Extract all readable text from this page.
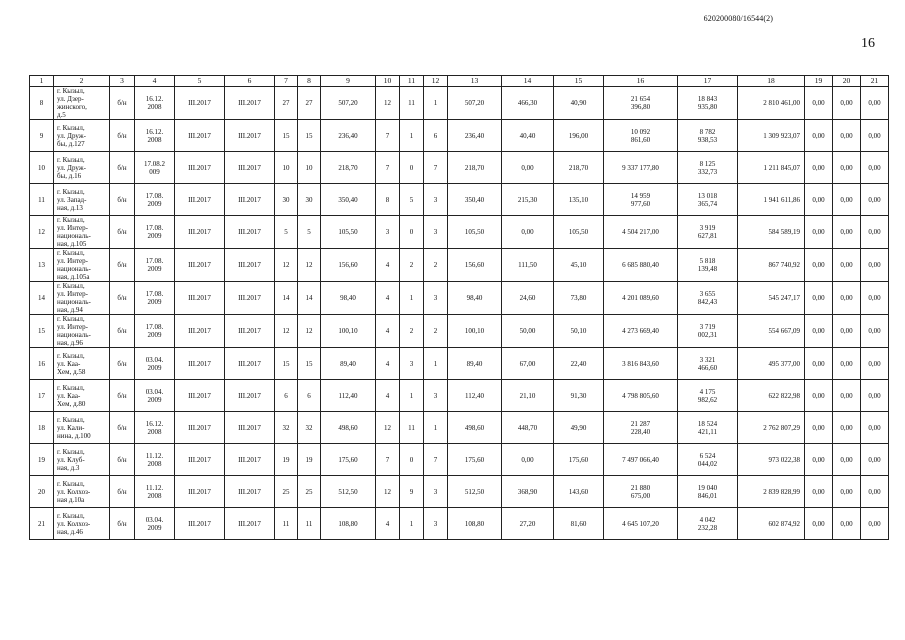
620200080/16544(2)
16
1	2	3	4	5	6	7	8	9	10	11	12	13	14	15	16	17	18	19	20	21
8	г. Кызыл,
ул. Дзер-
жинского,
д.5	б/н	16.12.
2008	III.2017	III.2017	27	27	507,20	12	11	1	507,20	466,30	40,90	21 654
396,80	18 843
935,80	2 810 461,00	0,00	0,00	0,00
9	г. Кызыл,
ул. Друж-
бы, д.127	б/н	16.12.
2008	III.2017	III.2017	15	15	236,40	7	1	6	236,40	40,40	196,00	10 092
861,60	8 782
938,53	1 309 923,07	0,00	0,00	0,00
10	г. Кызыл,
ул. Друж-
бы, д.16	б/н	17.08.2
009	III.2017	III.2017	10	10	218,70	7	0	7	218,70	0,00	218,70	9 337 177,80	8 125
332,73	1 211 845,07	0,00	0,00	0,00
11	г. Кызыл,
ул. Запад-
ная, д.13	б/н	17.08.
2009	III.2017	III.2017	30	30	350,40	8	5	3	350,40	215,30	135,10	14 959
977,60	13 018
365,74	1 941 611,86	0,00	0,00	0,00
12	г. Кызыл,
ул. Интер-
националь-
ная, д.105	б/н	17.08.
2009	III.2017	III.2017	5	5	105,50	3	0	3	105,50	0,00	105,50	4 504 217,00	3 919
627,81	584 589,19	0,00	0,00	0,00
13	г. Кызыл,
ул. Интер-
националь-
ная, д.105а	б/н	17.08.
2009	III.2017	III.2017	12	12	156,60	4	2	2	156,60	111,50	45,10	6 685 880,40	5 818
139,48	867 740,92	0,00	0,00	0,00
14	г. Кызыл,
ул. Интер-
националь-
ная, д.94	б/н	17.08.
2009	III.2017	III.2017	14	14	98,40	4	1	3	98,40	24,60	73,80	4 201 089,60	3 655
842,43	545 247,17	0,00	0,00	0,00
15	г. Кызыл,
ул. Интер-
националь-
ная, д.96	б/н	17.08.
2009	III.2017	III.2017	12	12	100,10	4	2	2	100,10	50,00	50,10	4 273 669,40	3 719
002,31	554 667,09	0,00	0,00	0,00
16	г. Кызыл,
ул. Каа-
Хем, д.58	б/н	03.04.
2009	III.2017	III.2017	15	15	89,40	4	3	1	89,40	67,00	22,40	3 816 843,60	3 321
466,60	495 377,00	0,00	0,00	0,00
17	г. Кызыл,
ул. Каа-
Хем, д.80	б/н	03.04.
2009	III.2017	III.2017	6	6	112,40	4	1	3	112,40	21,10	91,30	4 798 805,60	4 175
982,62	622 822,98	0,00	0,00	0,00
18	г. Кызыл,
ул. Кали-
нина, д.100	б/н	16.12.
2008	III.2017	III.2017	32	32	498,60	12	11	1	498,60	448,70	49,90	21 287
228,40	18 524
421,11	2 762 807,29	0,00	0,00	0,00
19	г. Кызыл,
ул. Клуб-
ная, д.3	б/н	11.12.
2008	III.2017	III.2017	19	19	175,60	7	0	7	175,60	0,00	175,60	7 497 066,40	6 524
044,02	973 022,38	0,00	0,00	0,00
20	г. Кызыл,
ул. Колхоз-
ная д.10а	б/н	11.12.
2008	III.2017	III.2017	25	25	512,50	12	9	3	512,50	368,90	143,60	21 880
675,00	19 040
846,01	2 839 828,99	0,00	0,00	0,00
21	г. Кызыл,
ул. Колхоз-
ная, д.46	б/н	03.04.
2009	III.2017	III.2017	11	11	108,80	4	1	3	108,80	27,20	81,60	4 645 107,20	4 042
232,28	602 874,92	0,00	0,00	0,00
